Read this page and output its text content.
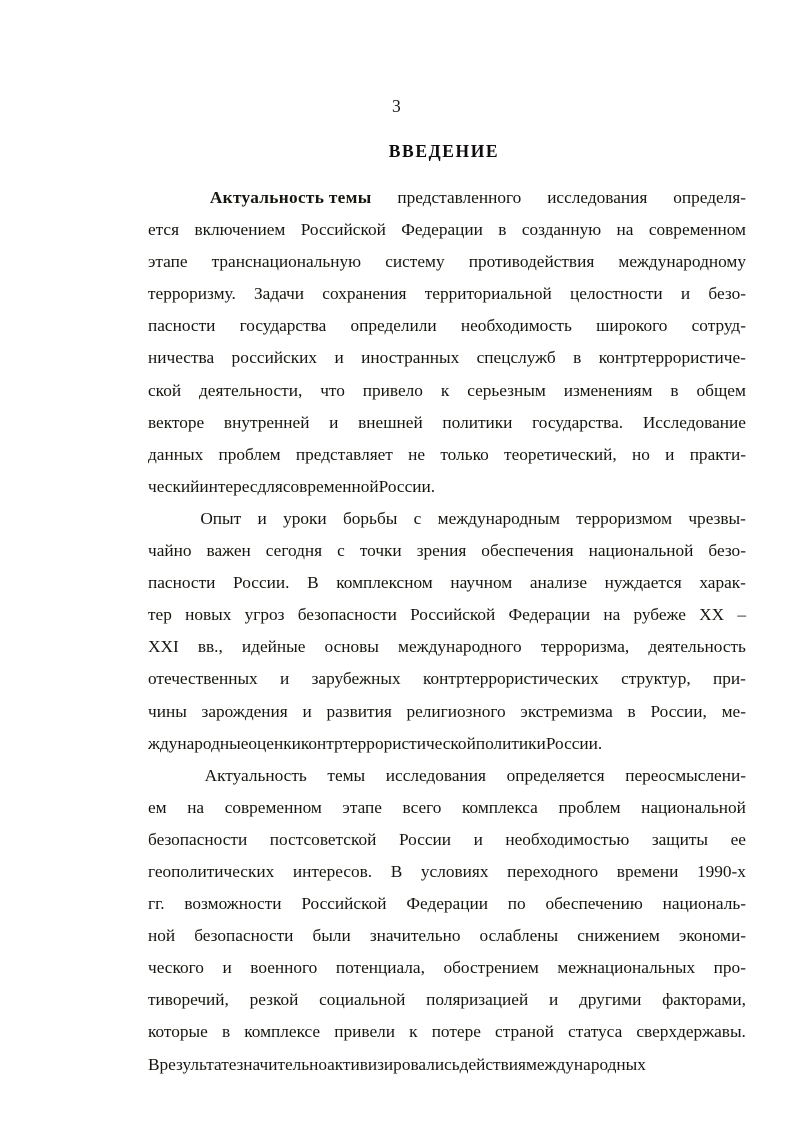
3
ВВЕДЕНИЕ
Актуальность темы представленного исследования определя-
ется включением Российской Федерации в созданную на современном
этапе транснациональную систему противодействия международному
терроризму. Задачи сохранения территориальной целостности и безо-
пасности государства определили необходимость широкого сотруд-
ничества российских и иностранных спецслужб в контртеррористиче-
ской деятельности, что привело к серьезным изменениям в общем
векторе внутренней и внешней политики государства. Исследование
данных проблем представляет не только теоретический, но и практи-
ческий интерес для современной России.
Опыт и уроки борьбы с международным терроризмом чрезвы-
чайно важен сегодня с точки зрения обеспечения национальной безо-
пасности России. В комплексном научном анализе нуждается харак-
тер новых угроз безопасности Российской Федерации на рубеже XX –
XXI вв., идейные основы международного терроризма, деятельность
отечественных и зарубежных контртеррористических структур, при-
чины зарождения и развития религиозного экстремизма в России, ме-
ждународные оценки контртеррористической политики России.
Актуальность темы исследования определяется переосмыслени-
ем на современном этапе всего комплекса проблем национальной
безопасности постсоветской России и необходимостью защиты ее
геополитических интересов. В условиях переходного времени 1990-х
гг. возможности Российской Федерации по обеспечению националь-
ной безопасности были значительно ослаблены снижением экономи-
ческого и военного потенциала, обострением межнациональных про-
тиворечий, резкой социальной поляризацией и другими факторами,
которые в комплексе привели к потере страной статуса сверхдержавы.
В результате значительно активизировались действия международных
